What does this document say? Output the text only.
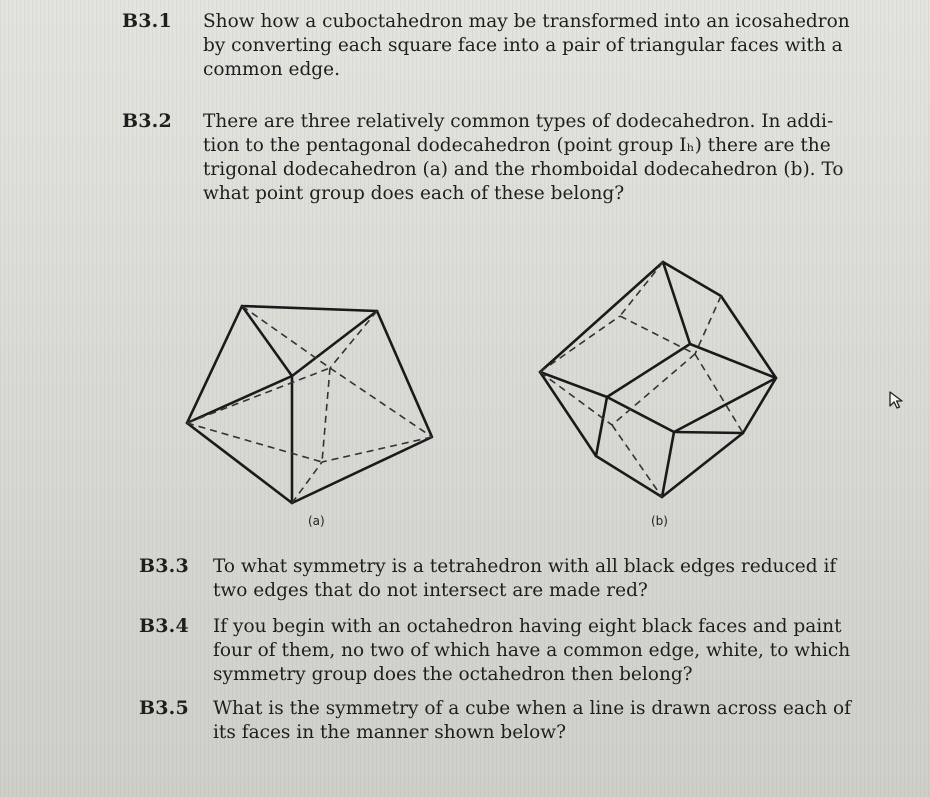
B3.1 Show how a cuboctahedron may be transformed into an icosahedron
by converting each square face into a pair of triangular faces with a
common edge.
B3.2 There are three relatively common types of dodecahedron. In addi-
tion to the pentagonal dodecahedron (point group Iₕ) there are the
trigonal dodecahedron (a) and the rhomboidal dodecahedron (b). To
what point group does each of these belong?
(a)	(b)
B3.3 To what symmetry is a tetrahedron with all black edges reduced if
two edges that do not intersect are made red?
B3.4 If you begin with an octahedron having eight black faces and paint
four of them, no two of which have a common edge, white, to which
symmetry group does the octahedron then belong?
B3.5 What is the symmetry of a cube when a line is drawn across each of
its faces in the manner shown below?
